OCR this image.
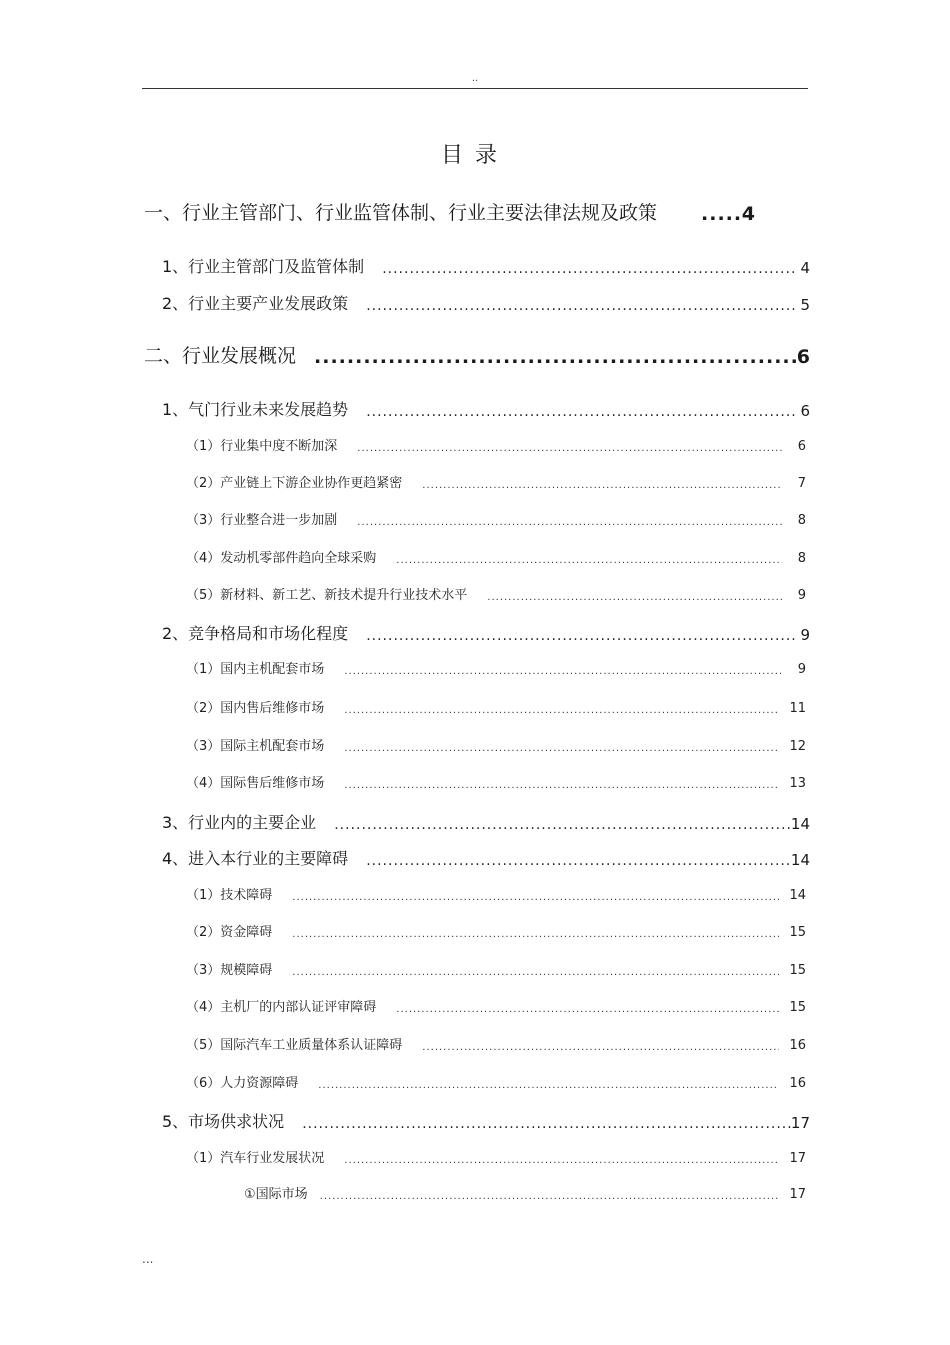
..
目录
一、行业主管部门、行业监管体制、行业主要法律法规及政策 .....	4
1、行业主管部门及监管体制 .....	4
2、行业主要产业发展政策 .....	5
二、行业发展概况 .....	6
1、气门行业未来发展趋势 .....	6
（1）行业集中度不断加深 .....	6
（2）产业链上下游企业协作更趋紧密 .....	7
（3）行业整合进一步加剧 .....	8
（4）发动机零部件趋向全球采购 .....	8
（5）新材料、新工艺、新技术提升行业技术水平 .....	9
2、竞争格局和市场化程度 .....	9
（1）国内主机配套市场 .....	9
（2）国内售后维修市场 .....	11
（3）国际主机配套市场 .....	12
（4）国际售后维修市场 .....	13
3、行业内的主要企业 .....	14
4、进入本行业的主要障碍 .....	14
（1）技术障碍 .....	14
（2）资金障碍 .....	15
（3）规模障碍 .....	15
（4）主机厂的内部认证评审障碍 .....	15
（5）国际汽车工业质量体系认证障碍 .....	16
（6）人力资源障碍 .....	16
5、市场供求状况 .....	17
（1）汽车行业发展状况 .....	17
①国际市场 .....	17
...
